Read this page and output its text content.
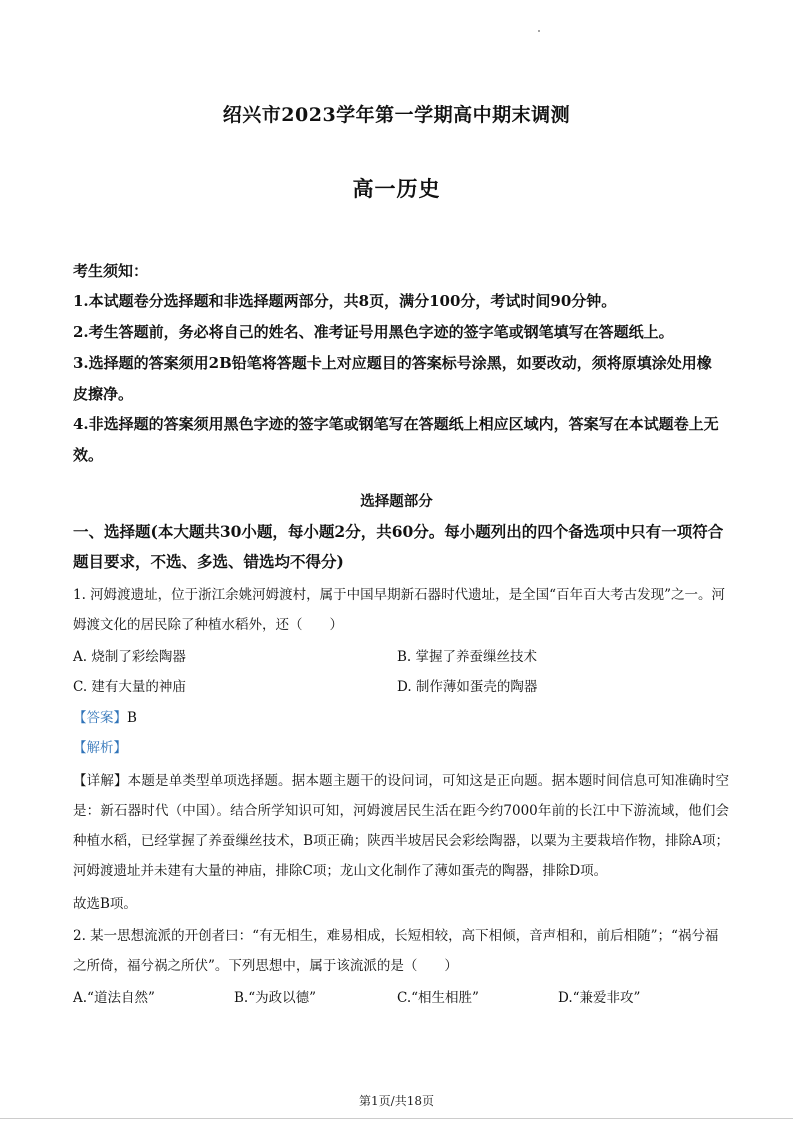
绍兴市2023学年第一学期高中期末调测
高一历史
考生须知：
1.本试题卷分选择题和非选择题两部分，共8页，满分100分，考试时间90分钟。
2.考生答题前，务必将自己的姓名、准考证号用黑色字迹的签字笔或钢笔填写在答题纸上。
3.选择题的答案须用2B铅笔将答题卡上对应题目的答案标号涂黑，如要改动，须将原填涂处用橡皮擦净。
4.非选择题的答案须用黑色字迹的签字笔或钢笔写在答题纸上相应区域内，答案写在本试题卷上无效。
选择题部分
一、选择题(本大题共30小题，每小题2分，共60分。每小题列出的四个备选项中只有一项符合题目要求，不选、多选、错选均不得分)
1. 河姆渡遗址，位于浙江余姚河姆渡村，属于中国早期新石器时代遗址，是全国“百年百大考古发现”之一。河姆渡文化的居民除了种植水稻外，还（　　）
A. 烧制了彩绘陶器	B. 掌握了养蚕缫丝技术
C. 建有大量的神庙	D. 制作薄如蛋壳的陶器
【答案】B
【解析】
【详解】本题是单类型单项选择题。据本题主题干的设问词，可知这是正向题。据本题时间信息可知准确时空是：新石器时代（中国）。结合所学知识可知，河姆渡居民生活在距今约7000年前的长江中下游流域，他们会种植水稻，已经掌握了养蚕缫丝技术，B项正确；陕西半坡居民会彩绘陶器，以粟为主要栽培作物，排除A项；河姆渡遗址并未建有大量的神庙，排除C项；龙山文化制作了薄如蛋壳的陶器，排除D项。
故选B项。
2. 某一思想流派的开创者曰：“有无相生，难易相成，长短相较，高下相倾，音声相和，前后相随”；“祸兮福之所倚，福兮祸之所伏”。下列思想中，属于该流派的是（　　）
A.“道法自然”	B.“为政以德”	C.“相生相胜”	D.“兼爱非攻”
第1页/共18页
